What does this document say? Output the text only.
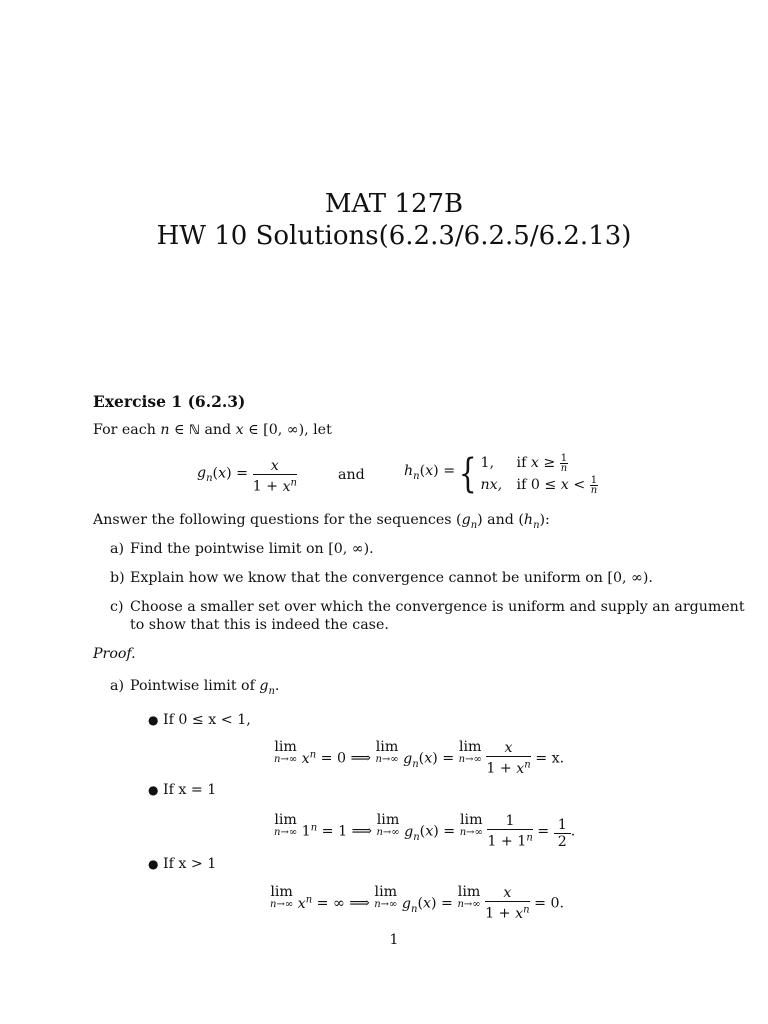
MAT 127B
HW 10 Solutions(6.2.3/6.2.5/6.2.13)
Exercise 1 (6.2.3)
For each n ∈ ℕ and x ∈ [0, ∞), let
$g_n(x) = \frac{x}{1 + x^n}$	and	$h_n(x)$ ={ 1, if $x \ge \frac{1}{n}$
nx, if $0 \le x < \frac{1}{n}$
Answer the following questions for the sequences $(g_n)$ and $(h_n)$:
a) Find the pointwise limit on [0, ∞).
b) Explain how we know that the convergence cannot be uniform on [0, ∞).
c) Choose a smaller set over which the convergence is uniform and supply an argument
to show that this is indeed the case.
Proof.
a) Pointwise limit of $g_n$.
● If 0 ≤ x < 1,
lim
n→∞ $x^n = 0$ ⟹ lim
n→∞ $g_n(x) = \lim$
n→∞
$\frac{x}{1 + x^n} = x$.
● If x = 1
lim
n→∞ $1^n = 1$ ⟹ lim
n→∞ $g_n(x) = \lim$
n→∞
$\frac{1}{1 + 1^n} = \frac{1}{2}$ .
● If x > 1
lim
n→∞ $x^n$ = ∞ ⟹ lim
n→∞ $g_n(x) = \lim$
n→∞
$\frac{x}{1 + x^n} = 0$.
1
